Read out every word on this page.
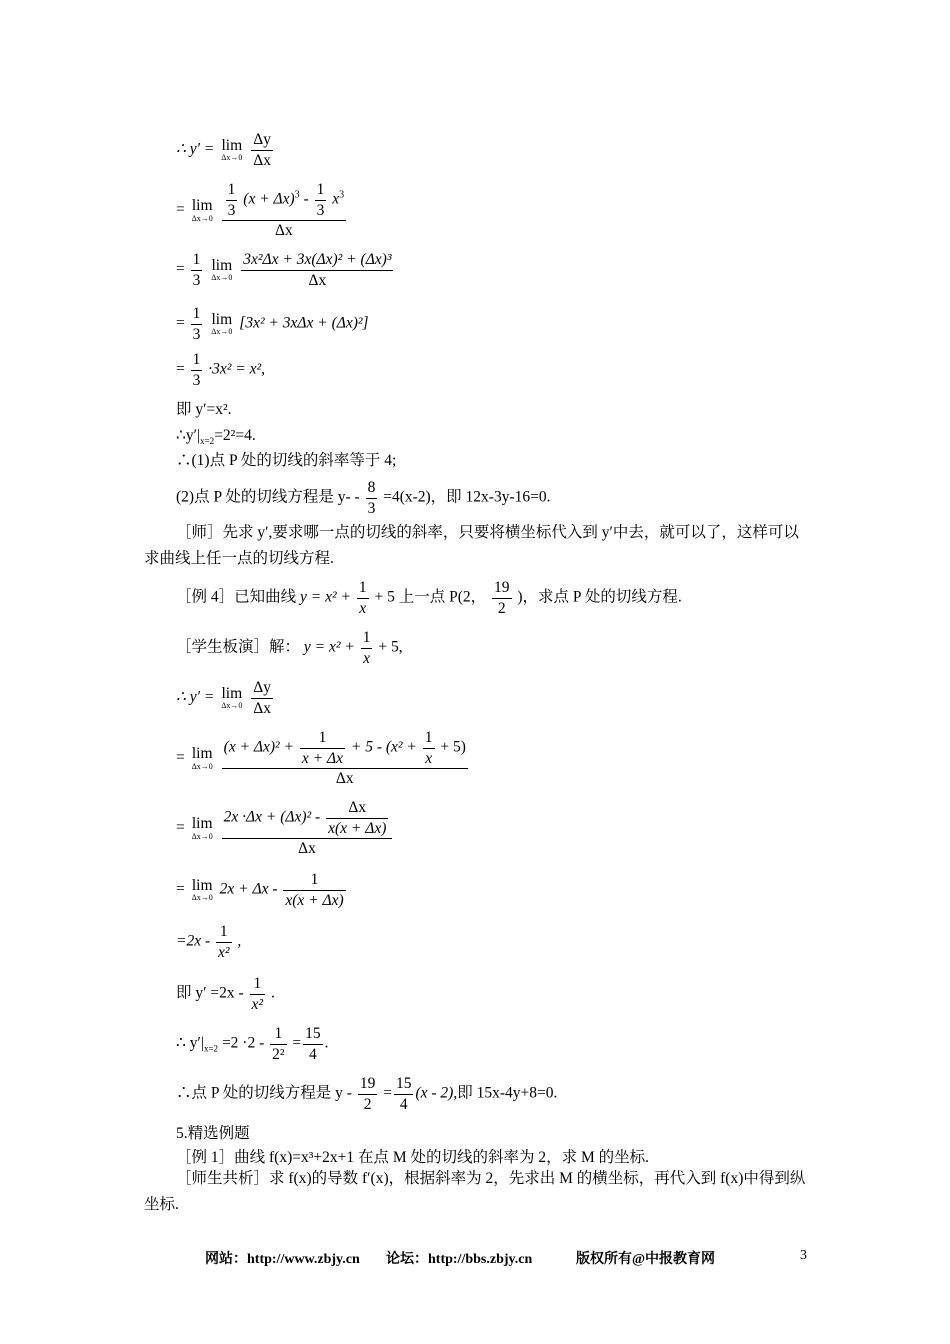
∴ y′ = lim
Δx→0
$\frac{\Delta y}{\Delta x}$
= lim
Δx→0
$\frac{\frac{1}{3} (x + \Delta x)^3 - \frac{1}{3} x^3}{\Delta x}$
= $\frac{1}{3}$
lim
Δx→0
$\frac{\text{3x²Δx + 3x(Δx)² + (Δx)³}}{\Delta x}$
= $\frac{1}{3}$
lim
Δx→0
[3x² + 3xΔx + (Δx)²]
= $\frac{1}{3} \cdot 3x^2 = x^2$,
即 y′=x².
$\therefore y'|_{x=2}=2^2=4$.
∴(1)点 P 处的切线的斜率等于 4;
(2)点 P 处的切线方程是 $y- - \frac{8}{3} =4(x-2)$，即 12x-3y-16=0.
［师］先求 y′,要求哪一点的切线的斜率，只要将横坐标代入到 y′中去，就可以了，这样可以求曲线上任一点的切线方程.
［例 4］已知曲线 $y = x^2 + \frac{1}{x} + 5$ 上一点 P(2， $\frac{19}{2}$ )，求点 P 处的切线方程.
［学生板演］解： $y = x^2 + \frac{1}{x} + 5$,
∴ y′ = lim
Δx→0
$\frac{\Delta y}{\Delta x}$
= lim
Δx→0

$(x + \Delta x)^2 + \frac{1}{x + \Delta x} + 5 - (x^2 + \frac{1}{x} + 5)$
Δx
= lim
Δx→0
$\frac{2x \cdot\Delta x + (\Delta x)^2 - \frac{\Delta x}{x(x + \Delta x)}}{\Delta x}$
= lim
Δx→0
$2x + \Delta x - \frac{1}{x(x + \Delta x)}$
$=2x - \frac{1}{\text{x²}}$ ,
即 $y' =2x - \frac{1}{\text{x²}}$ .
∴ $y'|_{x=2} =2 \cdot 2 - \frac{1}{\text{2²}} = \frac{15}{4}$ .
∴点 P 处的切线方程是 $y - \frac{19}{2} = \frac{15}{4} (x - 2)$,即 15x-4y+8=0.
5.精选例题
［例 1］曲线 f(x)=x³+2x+1 在点 M 处的切线的斜率为 2，求 M 的坐标.
［师生共析］求 f(x)的导数 f′(x)，根据斜率为 2，先求出 M 的横坐标，再代入到 f(x)中得到纵坐标.
网站：http://www.zbjy.cn 论坛：http://bbs.zbjy.cn	版权所有@中报教育网	3
